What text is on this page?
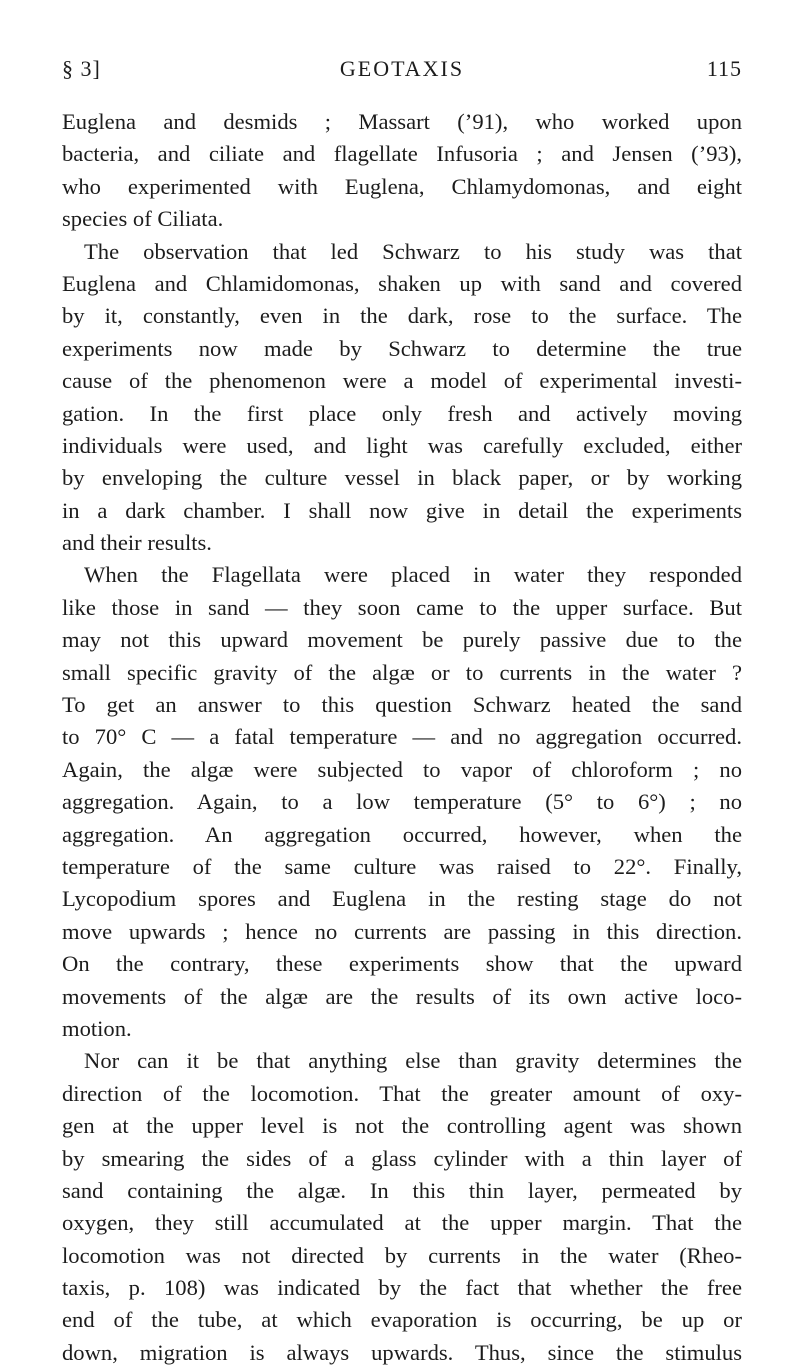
§ 3]	GEOTAXIS	115
Euglena and desmids ; Massart (’91), who worked upon
bacteria, and ciliate and flagellate Infusoria ; and Jensen (’93),
who experimented with Euglena, Chlamydomonas, and eight
species of Ciliata.
The observation that led Schwarz to his study was that
Euglena and Chlamidomonas, shaken up with sand and covered
by it, constantly, even in the dark, rose to the surface. The
experiments now made by Schwarz to determine the true
cause of the phenomenon were a model of experimental investi-
gation. In the first place only fresh and actively moving
individuals were used, and light was carefully excluded, either
by enveloping the culture vessel in black paper, or by working
in a dark chamber. I shall now give in detail the experiments
and their results.
When the Flagellata were placed in water they responded
like those in sand — they soon came to the upper surface. But
may not this upward movement be purely passive due to the
small specific gravity of the algæ or to currents in the water ?
To get an answer to this question Schwarz heated the sand
to 70° C — a fatal temperature — and no aggregation occurred.
Again, the algæ were subjected to vapor of chloroform ; no
aggregation. Again, to a low temperature (5° to 6°) ; no
aggregation. An aggregation occurred, however, when the
temperature of the same culture was raised to 22°. Finally,
Lycopodium spores and Euglena in the resting stage do not
move upwards ; hence no currents are passing in this direction.
On the contrary, these experiments show that the upward
movements of the algæ are the results of its own active loco-
motion.
Nor can it be that anything else than gravity determines the
direction of the locomotion. That the greater amount of oxy-
gen at the upper level is not the controlling agent was shown
by smearing the sides of a glass cylinder with a thin layer of
sand containing the algæ. In this thin layer, permeated by
oxygen, they still accumulated at the upper margin. That the
locomotion was not directed by currents in the water (Rheo-
taxis, p. 108) was indicated by the fact that whether the free
end of the tube, at which evaporation is occurring, be up or
down, migration is always upwards. Thus, since the stimulus
